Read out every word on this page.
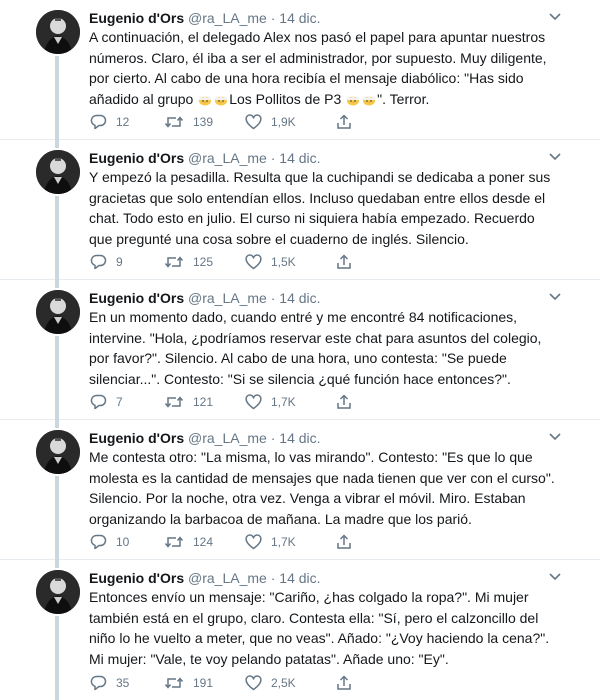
Eugenio d'Ors @ra_LA_me · 14 dic.
A continuación, el delegado Alex nos pasó el papel para apuntar nuestros números. Claro, él iba a ser el administrador, por supuesto. Muy diligente, por cierto. Al cabo de una hora recibía el mensaje diabólico: "Has sido añadido al grupo Los Pollitos de P3 ". Terror.
12	139	1,9K
Eugenio d'Ors @ra_LA_me · 14 dic.
Y empezó la pesadilla. Resulta que la cuchipandi se dedicaba a poner sus gracietas que solo entendían ellos. Incluso quedaban entre ellos desde el chat. Todo esto en julio. El curso ni siquiera había empezado. Recuerdo que pregunté una cosa sobre el cuaderno de inglés. Silencio.
9	125	1,5K
Eugenio d'Ors @ra_LA_me · 14 dic.
En un momento dado, cuando entré y me encontré 84 notificaciones, intervine. "Hola, ¿podríamos reservar este chat para asuntos del colegio, por favor?". Silencio. Al cabo de una hora, uno contesta: "Se puede silenciar...". Contesto: "Si se silencia ¿qué función hace entonces?".
7	121	1,7K
Eugenio d'Ors @ra_LA_me · 14 dic.
Me contesta otro: "La misma, lo vas mirando". Contesto: "Es que lo que molesta es la cantidad de mensajes que nada tienen que ver con el curso". Silencio. Por la noche, otra vez. Venga a vibrar el móvil. Miro. Estaban organizando la barbacoa de mañana. La madre que los parió.
10	124	1,7K
Eugenio d'Ors @ra_LA_me · 14 dic.
Entonces envío un mensaje: "Cariño, ¿has colgado la ropa?". Mi mujer también está en el grupo, claro. Contesta ella: "Sí, pero el calzoncillo del niño lo he vuelto a meter, que no veas". Añado: "¿Voy haciendo la cena?". Mi mujer: "Vale, te voy pelando patatas". Añade uno: "Ey".
35	191	2,5K
